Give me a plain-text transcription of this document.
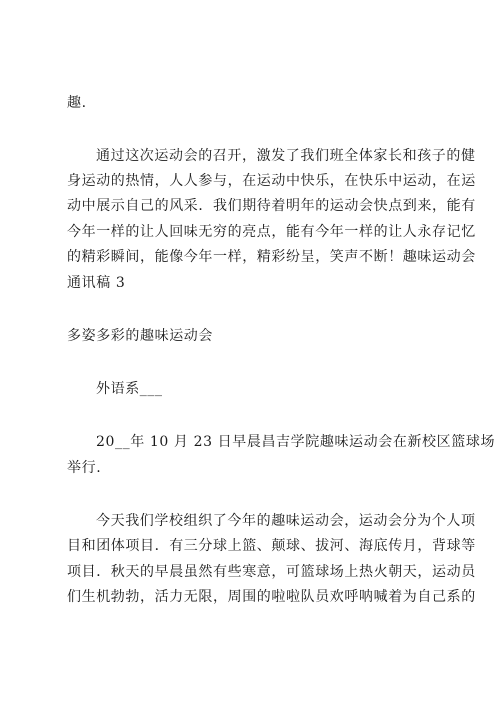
趣.
通过这次运动会的召开，激发了我们班全体家长和孩子的健
身运动的热情，人人参与，在运动中快乐，在快乐中运动，在运
动中展示自己的风采．我们期待着明年的运动会快点到来，能有
今年一样的让人回味无穷的亮点，能有今年一样的让人永存记忆
的精彩瞬间，能像今年一样，精彩纷呈，笑声不断！趣味运动会
通讯稿 3
多姿多彩的趣味运动会
外语系___
20__年 10 月 23 日早晨昌吉学院趣味运动会在新校区篮球场
举行.
今天我们学校组织了今年的趣味运动会，运动会分为个人项
目和团体项目．有三分球上篮、颠球、拔河、海底传月，背球等
项目．秋天的早晨虽然有些寒意，可篮球场上热火朝天，运动员
们生机勃勃，活力无限，周围的啦啦队员欢呼呐喊着为自己系的
